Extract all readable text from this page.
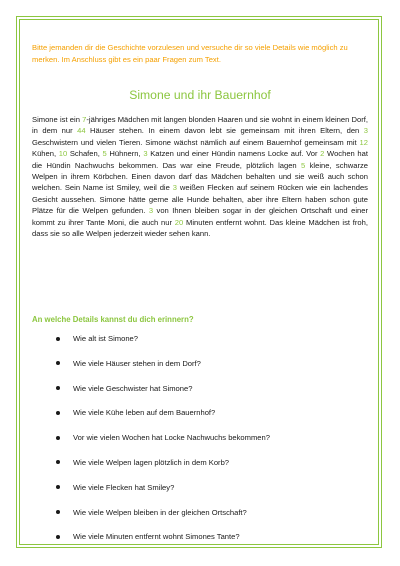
Bitte jemanden dir die Geschichte vorzulesen und versuche dir so viele Details wie möglich zu merken. Im Anschluss gibt es ein paar Fragen zum Text.
Simone und ihr Bauernhof
Simone ist ein 7-jähriges Mädchen mit langen blonden Haaren und sie wohnt in einem kleinen Dorf, in dem nur 44 Häuser stehen. In einem davon lebt sie gemeinsam mit ihren Eltern, den 3 Geschwistern und vielen Tieren. Simone wächst nämlich auf einem Bauernhof gemeinsam mit 12 Kühen, 10 Schafen, 5 Hühnern, 3 Katzen und einer Hündin namens Locke auf. Vor 2 Wochen hat die Hündin Nachwuchs bekommen. Das war eine Freude, plötzlich lagen 5 kleine, schwarze Welpen in ihrem Körbchen. Einen davon darf das Mädchen behalten und sie weiß auch schon welchen. Sein Name ist Smiley, weil die 3 weißen Flecken auf seinem Rücken wie ein lachendes Gesicht aussehen. Simone hätte gerne alle Hunde behalten, aber ihre Eltern haben schon gute Plätze für die Welpen gefunden. 3 von Ihnen bleiben sogar in der gleichen Ortschaft und einer kommt zu ihrer Tante Moni, die auch nur 20 Minuten entfernt wohnt. Das kleine Mädchen ist froh, dass sie so alle Welpen jederzeit wieder sehen kann.
An welche Details kannst du dich erinnern?
Wie alt ist Simone?
Wie viele Häuser stehen in dem Dorf?
Wie viele Geschwister hat Simone?
Wie viele Kühe leben auf dem Bauernhof?
Vor wie vielen Wochen hat Locke Nachwuchs bekommen?
Wie viele Welpen lagen plötzlich in dem Korb?
Wie viele Flecken hat Smiley?
Wie viele Welpen bleiben in der gleichen Ortschaft?
Wie viele Minuten entfernt wohnt Simones Tante?
